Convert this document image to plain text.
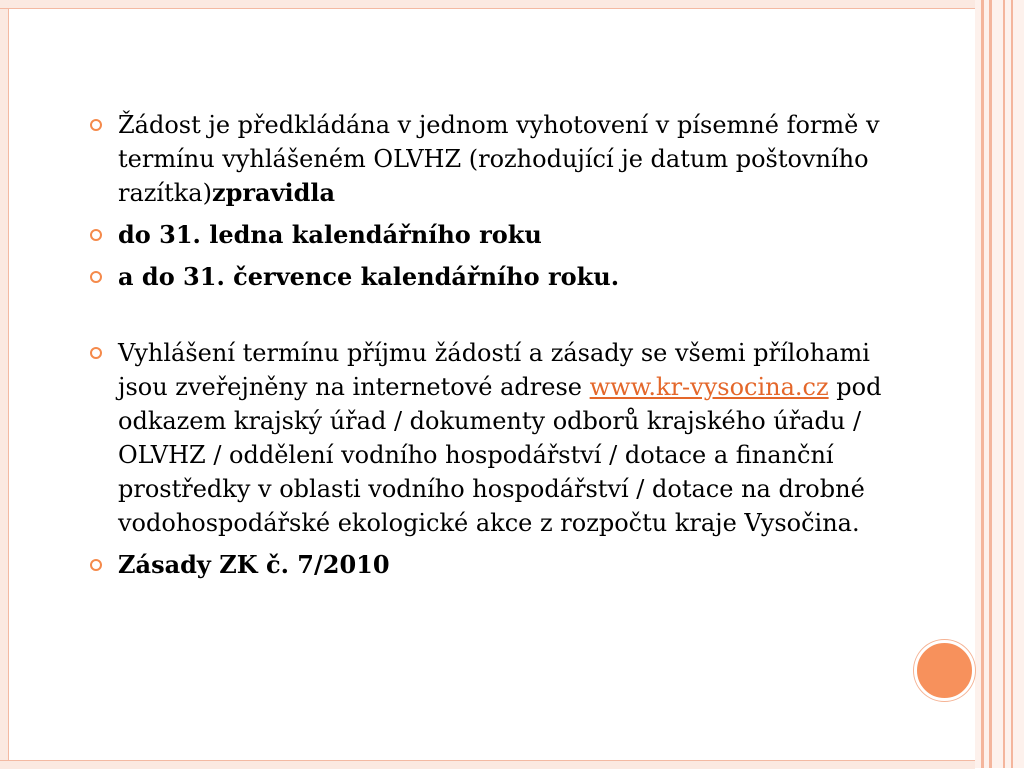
Žádost je předkládána v jednom vyhotovení v písemné formě v termínu vyhlášeném OLVHZ (rozhodující je datum poštovního razítka)zpravidla
do 31. ledna kalendářního roku
a do 31. července kalendářního roku.
Vyhlášení termínu příjmu žádostí a zásady se všemi přílohami jsou zveřejněny na internetové adrese www.kr-vysocina.cz pod odkazem krajský úřad / dokumenty odborů krajského úřadu / OLVHZ / oddělení vodního hospodářství / dotace a finanční prostředky v oblasti vodního hospodářství / dotace na drobné vodohospodářské ekologické akce z rozpočtu kraje Vysočina.
Zásady ZK č. 7/2010
